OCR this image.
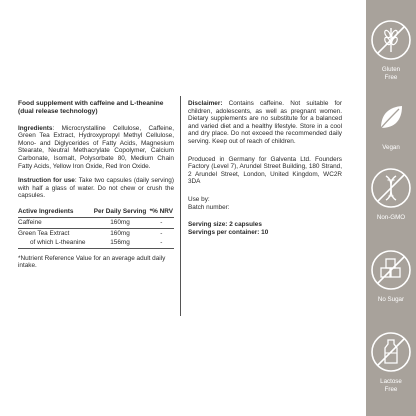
Food supplement with caffeine and L-theanine (dual release technology)
Ingredients: Microcrystalline Cellulose, Caffeine, Green Tea Extract, Hydroxypropyl Methyl Cellulose, Mono- and Diglycerides of Fatty Acids, Magnesium Stearate, Neutral Methacrylate Copolymer, Calcium Carbonate, Isomalt, Polysorbate 80, Medium Chain Fatty Acids, Yellow Iron Oxide, Red Iron Oxide.
Instruction for use: Take two capsules (daily serving) with half a glass of water. Do not chew or crush the capsules.
Active Ingredients	Per Daily Serving	*% NRV
Caffeine	160mg	-
Green Tea Extract	160mg	-
of which L-theanine	156mg	-
*Nutrient Reference Value for an average adult daily intake.
Disclaimer: Contains caffeine. Not suitable for children, adolescents, as well as pregnant women. Dietary supplements are no substitute for a balanced and varied diet and a healthy lifestyle. Store in a cool and dry place. Do not exceed the recommended daily serving. Keep out of reach of children.
Produced in Germany for Galventa Ltd. Founders Factory (Level 7), Arundel Street Building, 180 Strand, 2 Arundel Street, London, United Kingdom, WC2R 3DA
Use by:
Batch number:
Serving size: 2 capsules
Servings per container: 10
Gluten
Free
Vegan
Non-GMO
No Sugar
Lactose
Free
